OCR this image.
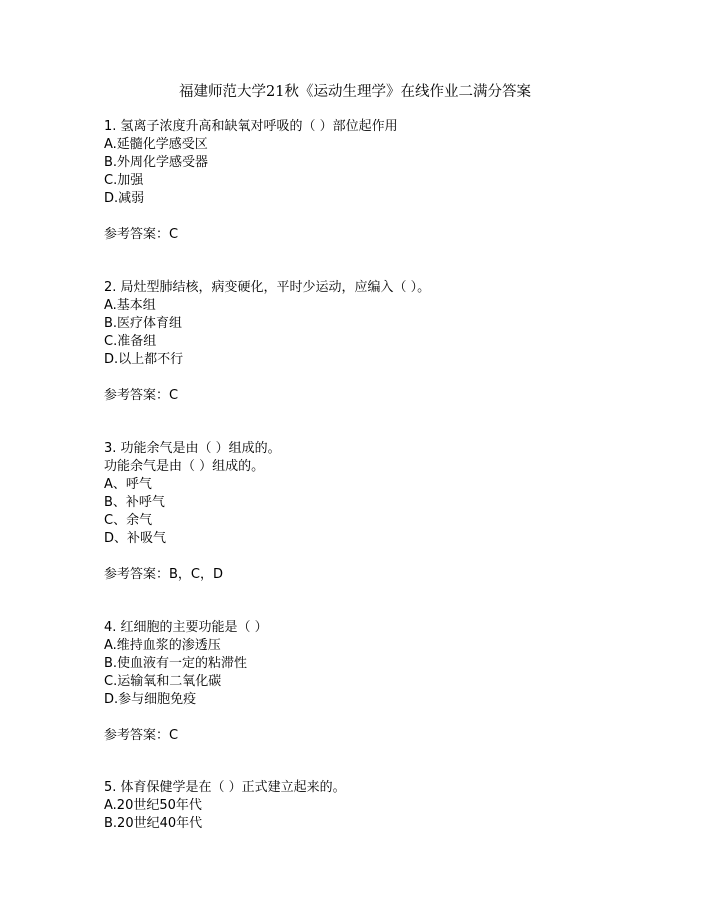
福建师范大学21秋《运动生理学》在线作业二满分答案
1. 氢离子浓度升高和缺氧对呼吸的（ ）部位起作用
A.延髓化学感受区
B.外周化学感受器
C.加强
D.减弱
参考答案：C
2. 局灶型肺结核，病变硬化，平时少运动，应编入（ ）。
A.基本组
B.医疗体育组
C.准备组
D.以上都不行
参考答案：C
3. 功能余气是由（ ）组成的。
功能余气是由（ ）组成的。
A、呼气
B、补呼气
C、余气
D、补吸气
参考答案：B，C，D
4. 红细胞的主要功能是（ ）
A.维持血浆的渗透压
B.使血液有一定的粘滞性
C.运输氧和二氧化碳
D.参与细胞免疫
参考答案：C
5. 体育保健学是在（ ）正式建立起来的。
A.20世纪50年代
B.20世纪40年代
